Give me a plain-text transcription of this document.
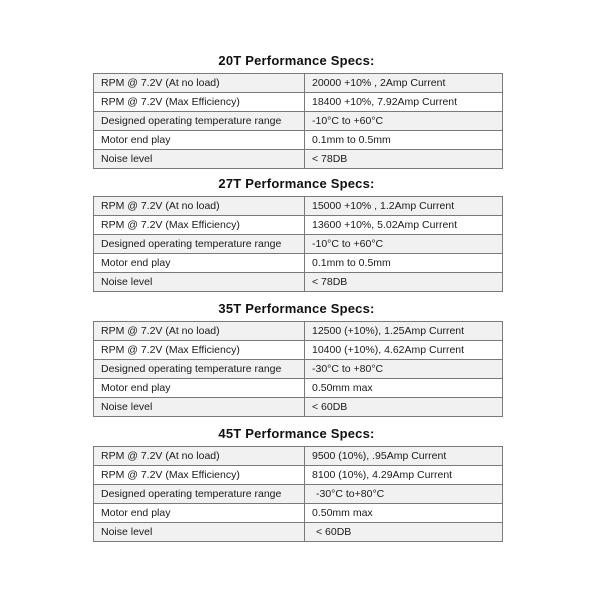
20T Performance Specs:
RPM @ 7.2V (At no load)	20000 +10% , 2Amp Current
RPM @ 7.2V (Max Efficiency)	18400 +10%, 7.92Amp Current
Designed operating temperature range	-10°C to +60°C
Motor end play	0.1mm to 0.5mm
Noise level	< 78DB
27T Performance Specs:
RPM @ 7.2V (At no load)	15000 +10% , 1.2Amp Current
RPM @ 7.2V (Max Efficiency)	13600 +10%, 5.02Amp Current
Designed operating temperature range	-10°C to +60°C
Motor end play	0.1mm to 0.5mm
Noise level	< 78DB
35T Performance Specs:
RPM @ 7.2V (At no load)	12500 (+10%), 1.25Amp Current
RPM @ 7.2V (Max Efficiency)	10400 (+10%), 4.62Amp Current
Designed operating temperature range	-30°C to +80°C
Motor end play	0.50mm max
Noise level	< 60DB
45T Performance Specs:
RPM @ 7.2V (At no load)	9500 (10%), .95Amp Current
RPM @ 7.2V (Max Efficiency)	8100 (10%), 4.29Amp Current
Designed operating temperature range	-30°C to+80°C
Motor end play	0.50mm max
Noise level	< 60DB
